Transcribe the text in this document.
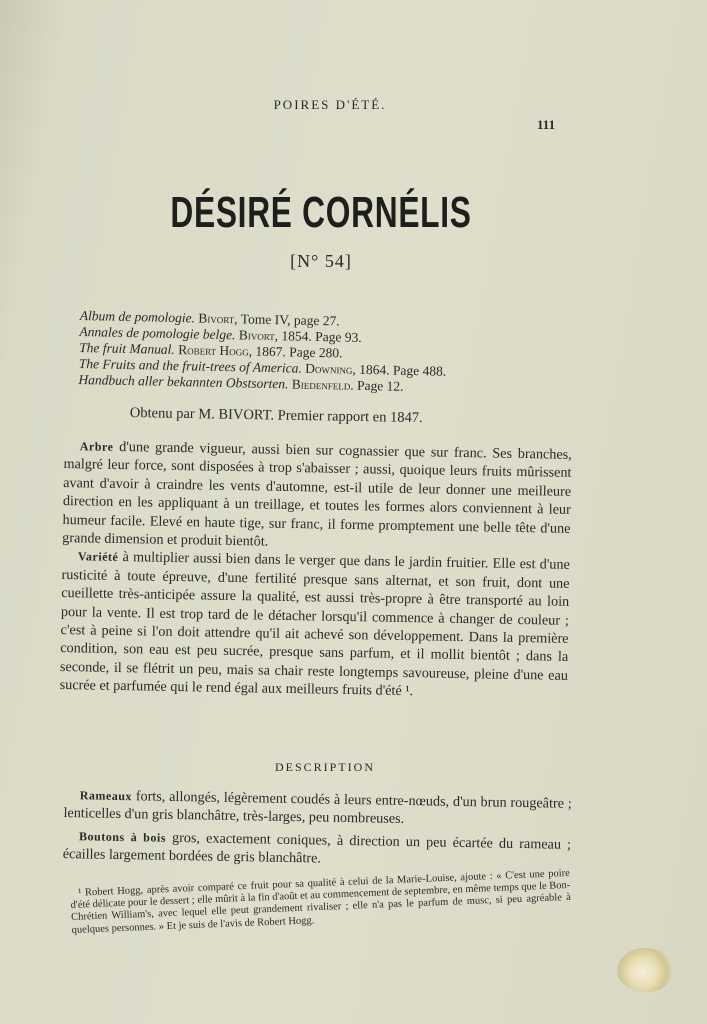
POIRES D'ÉTÉ.
111
DÉSIRÉ CORNÉLIS
[N° 54]
Album de pomologie. Bivort, Tome IV, page 27.
Annales de pomologie belge. Bivort, 1854. Page 93.
The fruit Manual. Robert Hogg, 1867. Page 280.
The Fruits and the fruit-trees of America. Downing, 1864. Page 488.
Handbuch aller bekannten Obstsorten. Biedenfeld. Page 12.
Obtenu par M. BIVORT. Premier rapport en 1847.

Arbre d'une grande vigueur, aussi bien sur cognassier que sur franc. Ses branches, malgré leur force, sont disposées à trop s'abaisser ; aussi, quoique leurs fruits mûrissent avant d'avoir à craindre les vents d'automne, est-il utile de leur donner une meilleure direction en les appliquant à un treillage, et toutes les formes alors conviennent à leur humeur facile. Elevé en haute tige, sur franc, il forme promptement une belle tête d'une grande dimension et produit bientôt.

Variété à multiplier aussi bien dans le verger que dans le jardin fruitier. Elle est d'une rusticité à toute épreuve, d'une fertilité presque sans alternat, et son fruit, dont une cueillette très-anticipée assure la qualité, est aussi très-propre à être transporté au loin pour la vente. Il est trop tard de le détacher lorsqu'il commence à changer de couleur ; c'est à peine si l'on doit attendre qu'il ait achevé son développement. Dans la première condition, son eau est peu sucrée, presque sans parfum, et il mollit bientôt ; dans la seconde, il se flétrit un peu, mais sa chair reste longtemps savoureuse, pleine d'une eau sucrée et parfumée qui le rend égal aux meilleurs fruits d'été ¹.

DESCRIPTION

Rameaux forts, allongés, légèrement coudés à leurs entre-nœuds, d'un brun rougeâtre ; lenticelles d'un gris blanchâtre, très-larges, peu nombreuses.

Boutons à bois gros, exactement coniques, à direction un peu écartée du rameau ; écailles largement bordées de gris blanchâtre.

¹ Robert Hogg, après avoir comparé ce fruit pour sa qualité à celui de la Marie-Louise, ajoute : « C'est une poire d'été délicate pour le dessert ; elle mûrit à la fin d'août et au commencement de septembre, en même temps que le Bon-Chrétien William's, avec lequel elle peut grandement rivaliser ; elle n'a pas le parfum de musc, si peu agréable à quelques personnes. » Et je suis de l'avis de Robert Hogg.
